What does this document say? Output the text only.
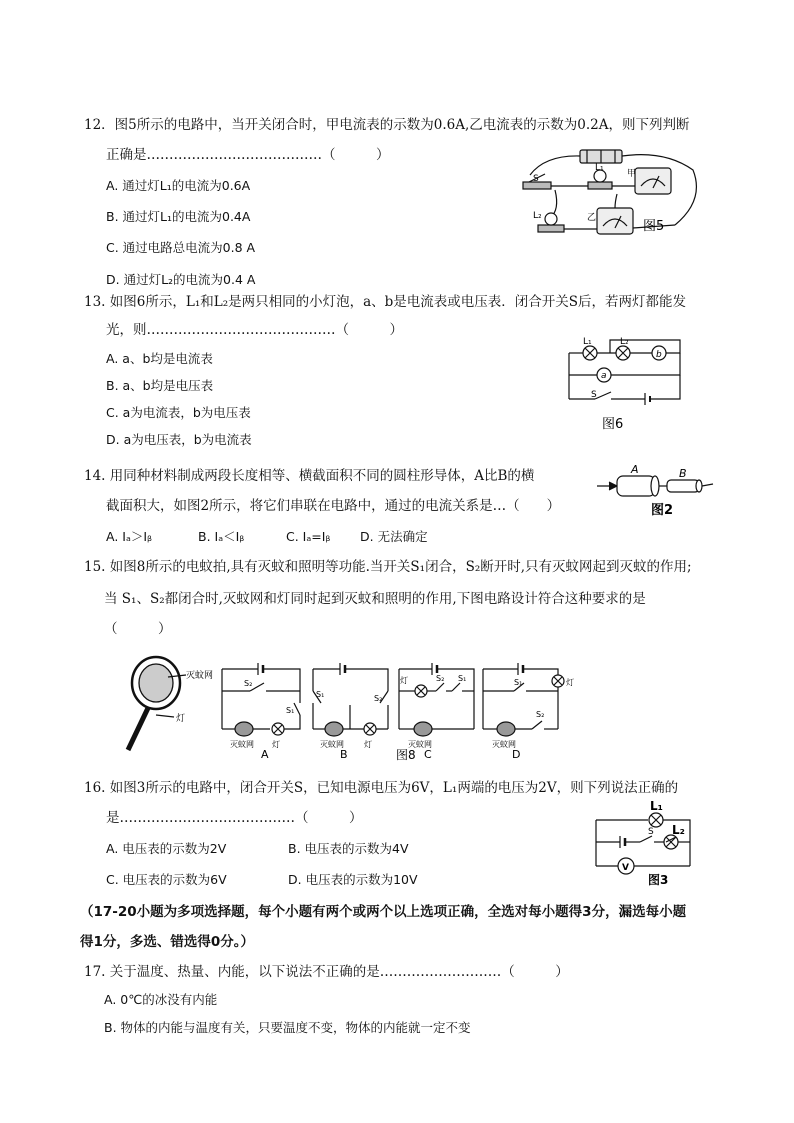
12．图5所示的电路中，当开关闭合时，甲电流表的示数为0.6A,乙电流表的示数为0.2A，则下列判断
正确是…………………………………（　　　）
A. 通过灯L₁的电流为0.6A
B. 通过灯L₁的电流为0.4A
C. 通过电路总电流为0.8 A
D. 通过灯L₂的电流为0.4 A
S
L₁
甲
L₂	乙
图5
13. 如图6所示，L₁和L₂是两只相同的小灯泡，a、b是电流表或电压表．闭合开关S后，若两灯都能发
光，则……………………………………（　　　）
A. a、b均是电流表
B. a、b均是电压表
C. a为电流表，b为电压表
D. a为电压表，b为电流表
L₁	L₂
b
a
S
图6
14. 用同种材料制成两段长度相等、横截面积不同的圆柱形导体，A比B的横
截面积大，如图2所示，将它们串联在电路中，通过的电流关系是…（　　）
A. Iₐ＞Iᵦ	B. Iₐ＜Iᵦ	C. Iₐ=Iᵦ D. 无法确定
A	B
图2
15. 如图8所示的电蚊拍,具有灭蚊和照明等功能.当开关S₁闭合，S₂断开时,只有灭蚊网起到灭蚊的作用;
当 S₁、S₂都闭合时,灭蚊网和灯同时起到灭蚊和照明的作用,下图电路设计符合这种要求的是
（　　　）
灭蚊网
灯
S₂
S₁
灭蚊网 灯
A
S₁	S₂
灭蚊网	灯
B	图8
灯	S₂ S₁
灭蚊网
C
灯
S₁
S₂
灭蚊网
D
16. 如图3所示的电路中，闭合开关S，已知电源电压为6V，L₁两端的电压为2V，则下列说法正确的
是…………………………………（　　　）
A. 电压表的示数为2V	B. 电压表的示数为4V
C. 电压表的示数为6V	D. 电压表的示数为10V
L₁
L₂
S
V
图3
（17-20小题为多项选择题，每个小题有两个或两个以上选项正确，全选对每小题得3分，漏选每小题
得1分，多选、错选得0分。）
17. 关于温度、热量、内能，以下说法不正确的是………………………（　　　）
A. 0℃的冰没有内能
B. 物体的内能与温度有关，只要温度不变，物体的内能就一定不变
